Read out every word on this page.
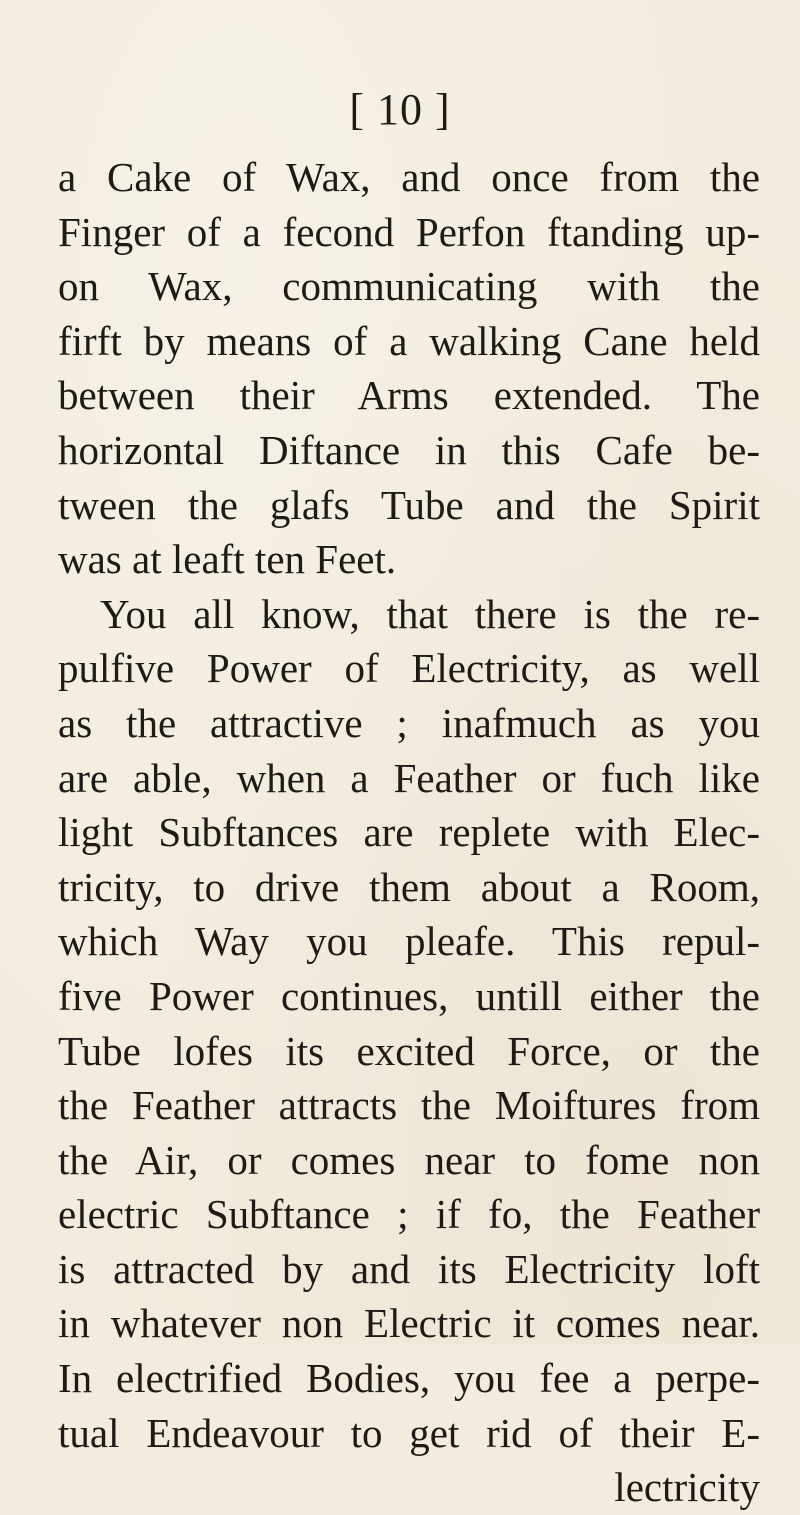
[ 10 ]
a Cake of Wax, and once from the
Finger of a fecond Perfon ftanding up-
on Wax, communicating with the
firft by means of a walking Cane held
between their Arms extended. The
horizontal Diftance in this Cafe be-
tween the glafs Tube and the Spirit
was at leaft ten Feet.
You all know, that there is the re-
pulfive Power of Electricity, as well
as the attractive ; inafmuch as you
are able, when a Feather or fuch like
light Subftances are replete with Elec-
tricity, to drive them about a Room,
which Way you pleafe. This repul-
five Power continues, untill either the
Tube lofes its excited Force, or the
the Feather attracts the Moiftures from
the Air, or comes near to fome non
electric Subftance ; if fo, the Feather
is attracted by and its Electricity loft
in whatever non Electric it comes near.
In electrified Bodies, you fee a perpe-
tual Endeavour to get rid of their E-
lectricity
